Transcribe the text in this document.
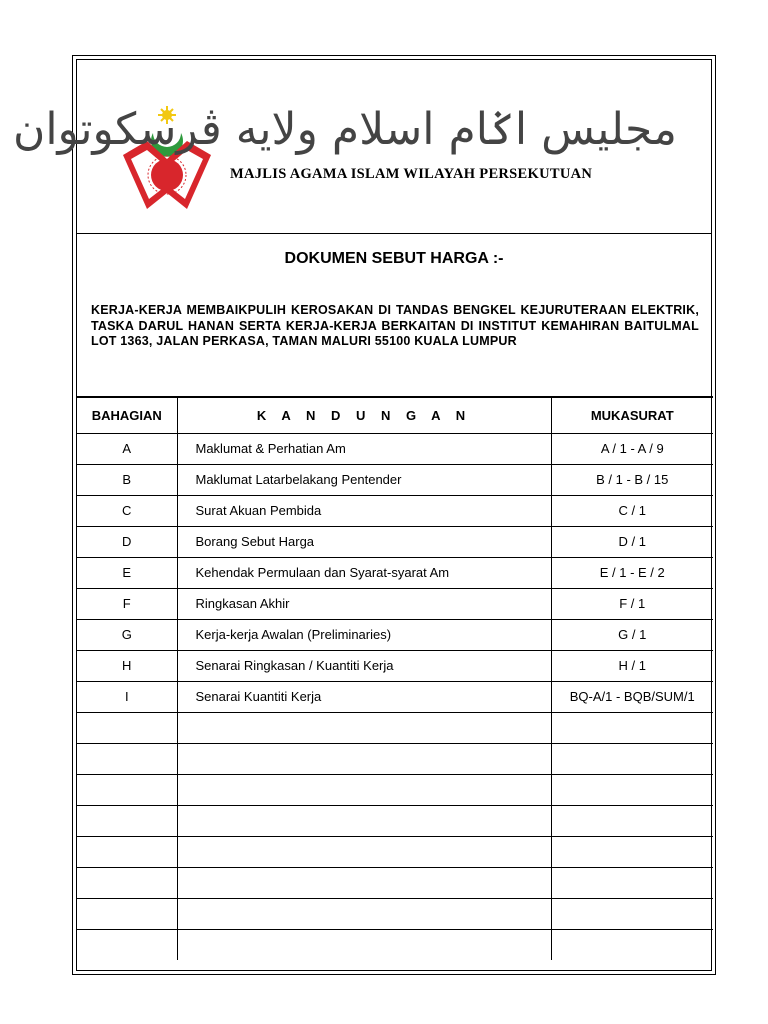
مجليس اݢام اسلام ولايه ڤرسکوتوان
MAJLIS AGAMA ISLAM WILAYAH PERSEKUTUAN
DOKUMEN SEBUT HARGA :-
KERJA-KERJA MEMBAIKPULIH KEROSAKAN DI TANDAS BENGKEL KEJURUTERAAN ELEKTRIK, TASKA DARUL HANAN SERTA KERJA-KERJA BERKAITAN DI INSTITUT KEMAHIRAN BAITULMAL LOT 1363, JALAN PERKASA, TAMAN MALURI 55100 KUALA LUMPUR
BAHAGIAN	K A N D U N G A N	MUKASURAT
A	Maklumat & Perhatian Am	A / 1 - A / 9
B	Maklumat Latarbelakang Pentender	B / 1 - B / 15
C	Surat Akuan Pembida	C / 1
D	Borang Sebut Harga	D / 1
E	Kehendak Permulaan dan Syarat-syarat Am	E / 1 - E / 2
F	Ringkasan Akhir	F / 1
G	Kerja-kerja Awalan (Preliminaries)	G / 1
H	Senarai Ringkasan / Kuantiti Kerja	H / 1
I	Senarai Kuantiti Kerja	BQ-A/1 - BQB/SUM/1
